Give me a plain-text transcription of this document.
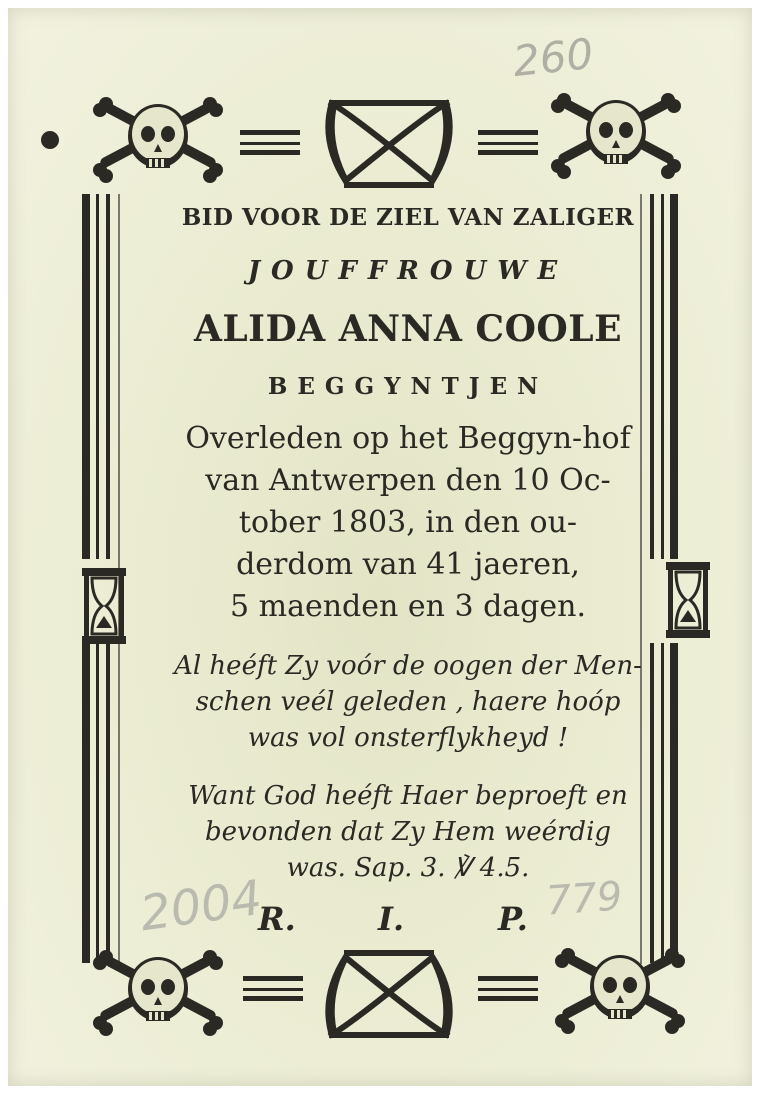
260
BID VOOR DE ZIEL VAN ZALIGER
JOUFFROUWE
ALIDA ANNA COOLE
BEGGYNTJEN
Overleden op het Beggyn-hof
van Antwerpen den 10 Oc-
tober 1803, in den ou-
derdom van 41 jaeren,
5 maenden en 3 dagen.
Al heéft Zy voór de oogen der Men-
schen veél geleden , haere hoóp
was vol onsterflykheyd !
Want God heéft Haer beproeft en
bevonden dat Zy Hem weérdig
was. Sap. 3. ℣ 4.5.
2004	779
R.	I.	P.
